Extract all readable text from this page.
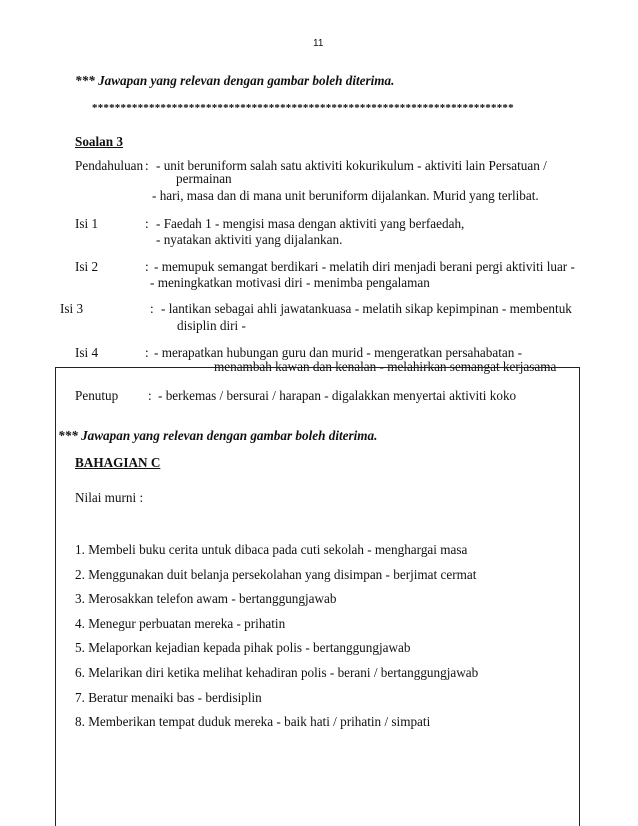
11
*** Jawapan yang relevan dengan gambar boleh diterima.
**************************************************************************
Soalan 3
Pendahuluan : - unit beruniform salah satu aktiviti kokurikulum - aktiviti lain Persatuan /
permainan
- hari, masa dan di mana unit beruniform dijalankan. Murid yang terlibat.
Isi 1	: - Faedah 1 - mengisi masa dengan aktiviti yang berfaedah,
- nyatakan aktiviti yang dijalankan.
Isi 2	: - memupuk semangat berdikari - melatih diri menjadi berani pergi aktiviti luar -
- meningkatkan motivasi diri - menimba pengalaman
Isi 3	: - lantikan sebagai ahli jawatankuasa - melatih sikap kepimpinan - membentuk
disiplin diri -
Isi 4	: - merapatkan hubungan guru dan murid - mengeratkan persahabatan -
menambah kawan dan kenalan - melahirkan semangat kerjasama
Penutup : - berkemas / bersurai / harapan - digalakkan menyertai aktiviti koko
*** Jawapan yang relevan dengan gambar boleh diterima.
BAHAGIAN C
Nilai murni :
1. Membeli buku cerita untuk dibaca pada cuti sekolah - menghargai masa
2. Menggunakan duit belanja persekolahan yang disimpan - berjimat cermat
3. Merosakkan telefon awam - bertanggungjawab
4. Menegur perbuatan mereka - prihatin
5. Melaporkan kejadian kepada pihak polis - bertanggungjawab
6. Melarikan diri ketika melihat kehadiran polis - berani / bertanggungjawab
7. Beratur menaiki bas - berdisiplin
8. Memberikan tempat duduk mereka - baik hati / prihatin / simpati
